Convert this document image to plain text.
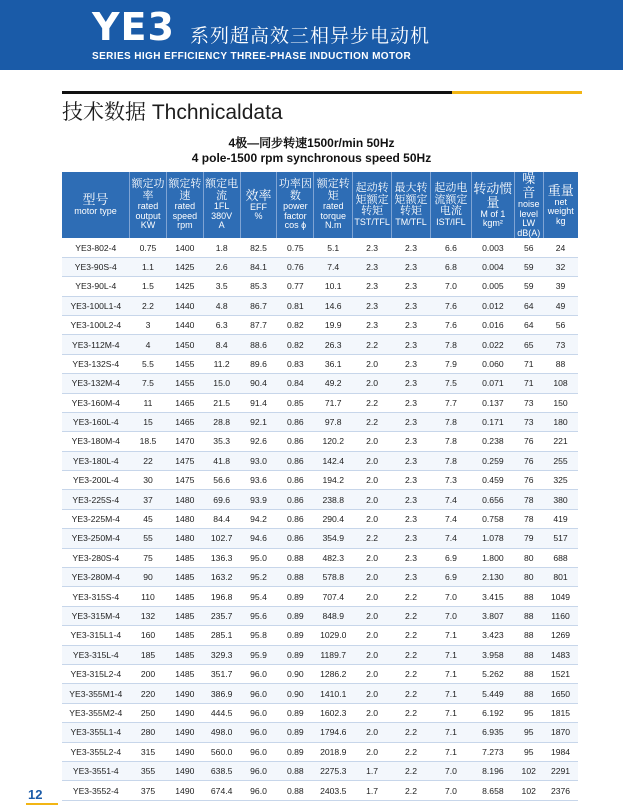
YE3 系列超高效三相异步电动机
SERIES HIGH EFFICIENCY THREE-PHASE INDUCTION MOTOR
技术数据 Thchnicaldata
4极—同步转速1500r/min 50Hz
4 pole-1500 rpm synchronous speed 50Hz
型号
motor type	额定功率
rated
output
KW	额定转速
rated
speed
rpm	额定电流
1FL
380V
A	效率
EFF
%	功率因数
power
factor
cos ϕ	额定转矩
rated
torque
N.m	起动转矩额定转矩
TST/TFL	最大转矩额定转矩
TM/TFL	起动电流额定电流
IST/IFL	转动惯量
M of 1
kgm²	噪音
noise
level
LW
dB(A)	重量
net
weight
kg

YE3-802-4	0.75	1400	1.8	82.5	0.75	5.1	2.3	2.3	6.6	0.003	56	24
YE3-90S-4	1.1	1425	2.6	84.1	0.76	7.4	2.3	2.3	6.8	0.004	59	32
YE3-90L-4	1.5	1425	3.5	85.3	0.77	10.1	2.3	2.3	7.0	0.005	59	39
YE3-100L1-4	2.2	1440	4.8	86.7	0.81	14.6	2.3	2.3	7.6	0.012	64	49
YE3-100L2-4	3	1440	6.3	87.7	0.82	19.9	2.3	2.3	7.6	0.016	64	56
YE3-112M-4	4	1450	8.4	88.6	0.82	26.3	2.2	2.3	7.8	0.022	65	73
YE3-132S-4	5.5	1455	11.2	89.6	0.83	36.1	2.0	2.3	7.9	0.060	71	88
YE3-132M-4	7.5	1455	15.0	90.4	0.84	49.2	2.0	2.3	7.5	0.071	71	108
YE3-160M-4	11	1465	21.5	91.4	0.85	71.7	2.2	2.3	7.7	0.137	73	150
YE3-160L-4	15	1465	28.8	92.1	0.86	97.8	2.2	2.3	7.8	0.171	73	180
YE3-180M-4	18.5	1470	35.3	92.6	0.86	120.2	2.0	2.3	7.8	0.238	76	221
YE3-180L-4	22	1475	41.8	93.0	0.86	142.4	2.0	2.3	7.8	0.259	76	255
YE3-200L-4	30	1475	56.6	93.6	0.86	194.2	2.0	2.3	7.3	0.459	76	325
YE3-225S-4	37	1480	69.6	93.9	0.86	238.8	2.0	2.3	7.4	0.656	78	380
YE3-225M-4	45	1480	84.4	94.2	0.86	290.4	2.0	2.3	7.4	0.758	78	419
YE3-250M-4	55	1480	102.7	94.6	0.86	354.9	2.2	2.3	7.4	1.078	79	517
YE3-280S-4	75	1485	136.3	95.0	0.88	482.3	2.0	2.3	6.9	1.800	80	688
YE3-280M-4	90	1485	163.2	95.2	0.88	578.8	2.0	2.3	6.9	2.130	80	801
YE3-315S-4	110	1485	196.8	95.4	0.89	707.4	2.0	2.2	7.0	3.415	88	1049
YE3-315M-4	132	1485	235.7	95.6	0.89	848.9	2.0	2.2	7.0	3.807	88	1160
YE3-315L1-4	160	1485	285.1	95.8	0.89	1029.0	2.0	2.2	7.1	3.423	88	1269
YE3-315L-4	185	1485	329.3	95.9	0.89	1189.7	2.0	2.2	7.1	3.958	88	1483
YE3-315L2-4	200	1485	351.7	96.0	0.90	1286.2	2.0	2.2	7.1	5.262	88	1521
YE3-355M1-4	220	1490	386.9	96.0	0.90	1410.1	2.0	2.2	7.1	5.449	88	1650
YE3-355M2-4	250	1490	444.5	96.0	0.89	1602.3	2.0	2.2	7.1	6.192	95	1815
YE3-355L1-4	280	1490	498.0	96.0	0.89	1794.6	2.0	2.2	7.1	6.935	95	1870
YE3-355L2-4	315	1490	560.0	96.0	0.89	2018.9	2.0	2.2	7.1	7.273	95	1984
YE3-3551-4	355	1490	638.5	96.0	0.88	2275.3	1.7	2.2	7.0	8.196	102	2291
YE3-3552-4	375	1490	674.4	96.0	0.88	2403.5	1.7	2.2	7.0	8.658	102	2376
12
